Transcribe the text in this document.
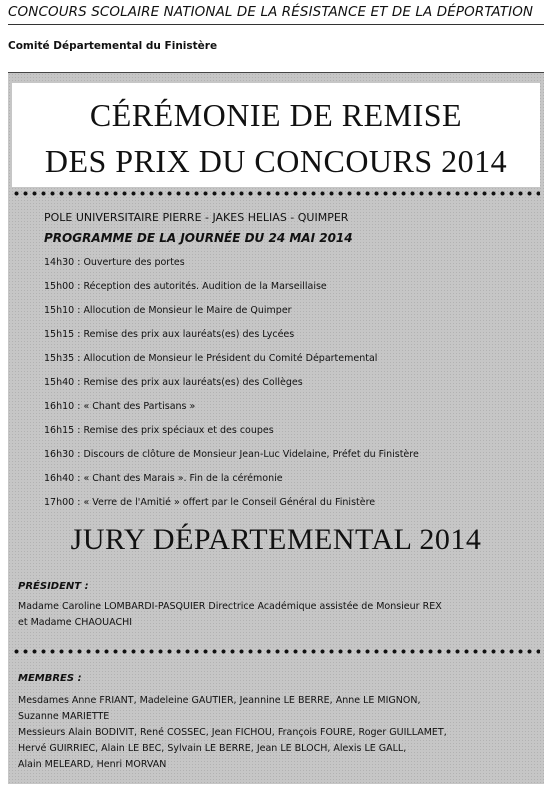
CONCOURS SCOLAIRE NATIONAL DE LA RÉSISTANCE ET DE LA DÉPORTATION
Comité Départemental du Finistère
CÉRÉMONIE DE REMISE
DES PRIX DU CONCOURS 2014
POLE UNIVERSITAIRE PIERRE - JAKES HELIAS - QUIMPER
PROGRAMME DE LA JOURNÉE DU 24 MAI 2014
14h30 : Ouverture des portes
15h00 : Réception des autorités. Audition de la Marseillaise
15h10 : Allocution de Monsieur le Maire de Quimper
15h15 : Remise des prix aux lauréats(es) des Lycées
15h35 : Allocution de Monsieur le Président du Comité Départemental
15h40 : Remise des prix aux lauréats(es) des Collèges
16h10 : « Chant des Partisans »
16h15 : Remise des prix spéciaux et des coupes
16h30 : Discours de clôture de Monsieur Jean-Luc Videlaine, Préfet du Finistère
16h40 : « Chant des Marais ». Fin de la cérémonie
17h00 : « Verre de l'Amitié » offert par le Conseil Général du Finistère
JURY DÉPARTEMENTAL 2014
PRÉSIDENT :
Madame Caroline LOMBARDI-PASQUIER Directrice Académique assistée de Monsieur REX
et Madame CHAOUACHI
MEMBRES :
Mesdames Anne FRIANT, Madeleine GAUTIER, Jeannine LE BERRE, Anne LE MIGNON,
Suzanne MARIETTE
Messieurs Alain BODIVIT, René COSSEC, Jean FICHOU, François FOURE, Roger GUILLAMET,
Hervé GUIRRIEC, Alain LE BEC, Sylvain LE BERRE, Jean LE BLOCH, Alexis LE GALL,
Alain MELEARD, Henri MORVAN
